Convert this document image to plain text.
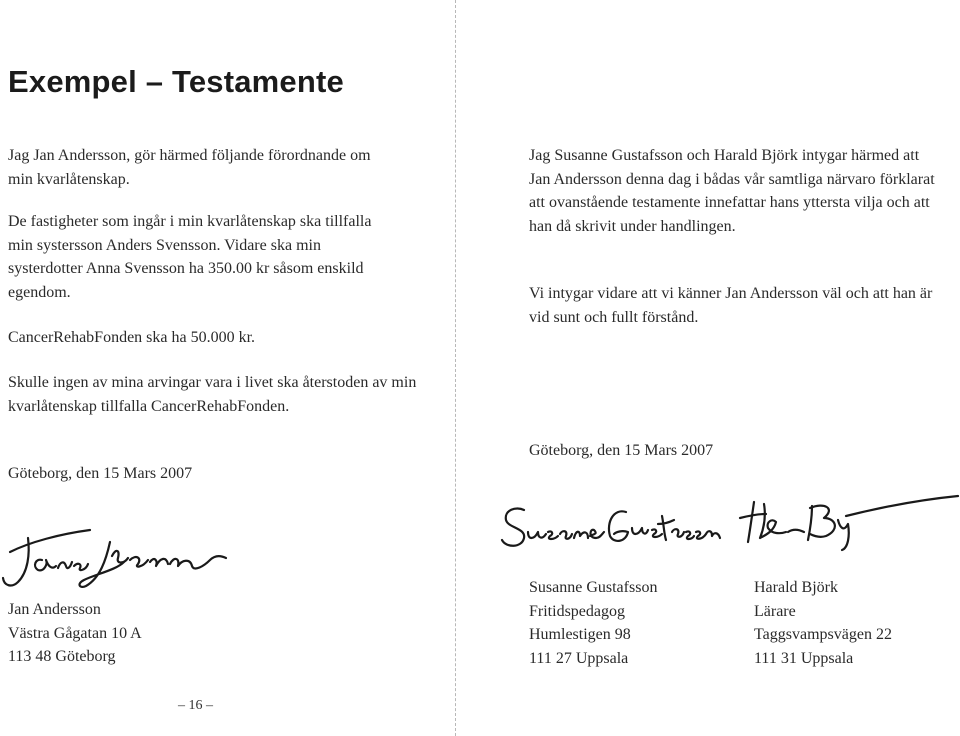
Exempel – Testamente

Jag Jan Andersson, gör härmed följande förordnande om min kvarlåtenskap.

De fastigheter som ingår i min kvarlåtenskap ska tillfalla min systersson Anders Svensson. Vidare ska min systerdotter Anna Svensson ha 350.00 kr såsom enskild egendom.

CancerRehabFonden ska ha 50.000 kr.

Skulle ingen av mina arvingar vara i livet ska återstoden av min kvarlåtenskap tillfalla CancerRehabFonden.

Göteborg, den 15 Mars 2007

Jan Andersson
Västra Gågatan 10 A
113 48 Göteborg

Jag Susanne Gustafsson och Harald Björk intygar härmed att Jan Andersson denna dag i bådas vår samtliga närvaro förklarat att ovanstående testamente innefattar hans yttersta vilja och att han då skrivit under handlingen.

Vi intygar vidare att vi känner Jan Andersson väl och att han är vid sunt och fullt förstånd.

Göteborg, den 15 Mars 2007

Susanne Gustafsson
Fritidspedagog
Humlestigen 98
111 27 Uppsala
Harald Björk
Lärare
Taggsvampsvägen 22
111 31 Uppsala
– 16 –
